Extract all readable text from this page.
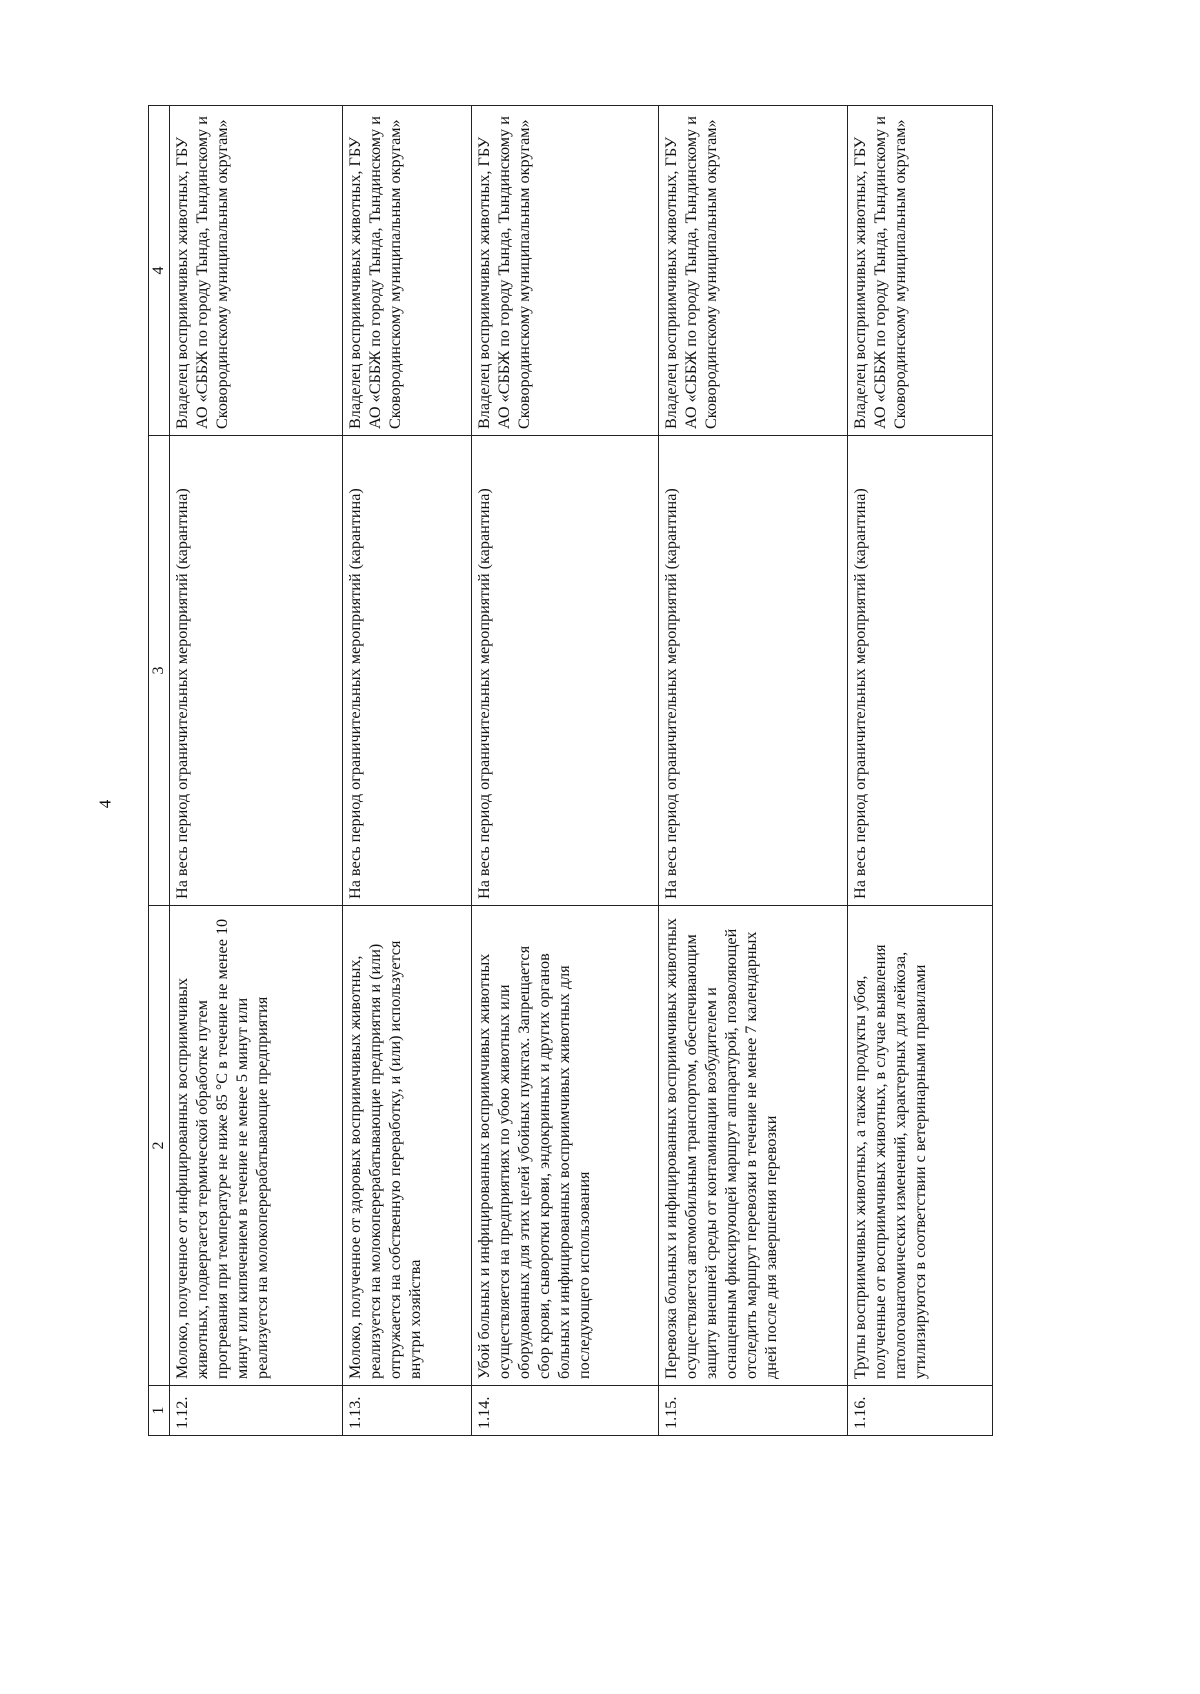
4
1	2	3	4
1.12.	Молоко, полученное от инфицированных восприимчивых животных, подвергается термической обработке путем прогревания при температуре не ниже 85 °С в течение не менее 10 минут или кипячением в течение не менее 5 минут или реализуется на молокоперерабатывающие предприятия	На весь период ограничительных мероприятий (карантина)	Владелец восприимчивых животных, ГБУ АО «СББЖ по городу Тында, Тындинскому и Сковородинскому муниципальным округам»
1.13.	Молоко, полученное от здоровых восприимчивых животных, реализуется на молокоперерабатывающие предприятия и (или) отгружается на собственную переработку, и (или) используется внутри хозяйства	На весь период ограничительных мероприятий (карантина)	Владелец восприимчивых животных, ГБУ АО «СББЖ по городу Тында, Тындинскому и Сковородинскому муниципальным округам»
1.14.	Убой больных и инфицированных восприимчивых животных осуществляется на предприятиях по убою животных или оборудованных для этих целей убойных пунктах. Запрещается сбор крови, сыворотки крови, эндокринных и других органов больных и инфицированных восприимчивых животных для последующего использования	На весь период ограничительных мероприятий (карантина)	Владелец восприимчивых животных, ГБУ АО «СББЖ по городу Тында, Тындинскому и Сковородинскому муниципальным округам»
1.15.	Перевозка больных и инфицированных восприимчивых животных осуществляется автомобильным транспортом, обеспечивающим защиту внешней среды от контаминации возбудителем и оснащенным фиксирующей маршрут аппаратурой, позволяющей отследить маршрут перевозки в течение не менее 7 календарных дней после дня завершения перевозки	На весь период ограничительных мероприятий (карантина)	Владелец восприимчивых животных, ГБУ АО «СББЖ по городу Тында, Тындинскому и Сковородинскому муниципальным округам»
1.16.	Трупы восприимчивых животных, а также продукты убоя, полученные от восприимчивых животных, в случае выявления патологоанатомических изменений, характерных для лейкоза, утилизируются в соответствии с ветеринарными правилами	На весь период ограничительных мероприятий (карантина)	Владелец восприимчивых животных, ГБУ АО «СББЖ по городу Тында, Тындинскому и Сковородинскому муниципальным округам»
